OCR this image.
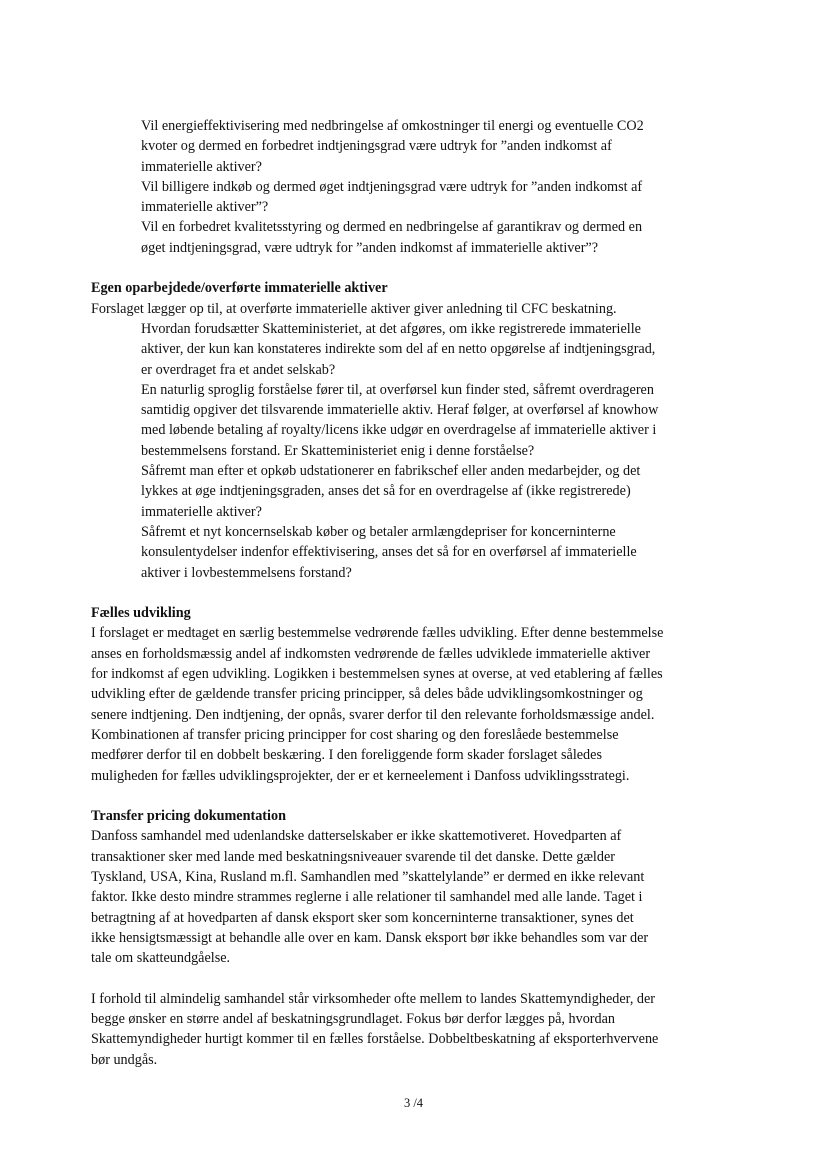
Vil energieffektivisering med nedbringelse af omkostninger til energi og eventuelle CO2
kvoter og dermed en forbedret indtjeningsgrad være udtryk for ”anden indkomst af
immaterielle aktiver?
Vil billigere indkøb og dermed øget indtjeningsgrad være udtryk for ”anden indkomst af
immaterielle aktiver”?
Vil en forbedret kvalitetsstyring og dermed en nedbringelse af garantikrav og dermed en
øget indtjeningsgrad, være udtryk for ”anden indkomst af immaterielle aktiver”?
Egen oparbejdede/overførte immaterielle aktiver
Forslaget lægger op til, at overførte immaterielle aktiver giver anledning til CFC beskatning.
Hvordan forudsætter Skatteministeriet, at det afgøres, om ikke registrerede immaterielle
aktiver, der kun kan konstateres indirekte som del af en netto opgørelse af indtjeningsgrad,
er overdraget fra et andet selskab?
En naturlig sproglig forståelse fører til, at overførsel kun finder sted, såfremt overdrageren
samtidig opgiver det tilsvarende immaterielle aktiv. Heraf følger, at overførsel af knowhow
med løbende betaling af royalty/licens ikke udgør en overdragelse af immaterielle aktiver i
bestemmelsens forstand. Er Skatteministeriet enig i denne forståelse?
Såfremt man efter et opkøb udstationerer en fabrikschef eller anden medarbejder, og det
lykkes at øge indtjeningsgraden, anses det så for en overdragelse af (ikke registrerede)
immaterielle aktiver?
Såfremt et nyt koncernselskab køber og betaler armlængdepriser for koncerninterne
konsulentydelser indenfor effektivisering, anses det så for en overførsel af immaterielle
aktiver i lovbestemmelsens forstand?
Fælles udvikling
I forslaget er medtaget en særlig bestemmelse vedrørende fælles udvikling. Efter denne bestemmelse
anses en forholdsmæssig andel af indkomsten vedrørende de fælles udviklede immaterielle aktiver
for indkomst af egen udvikling. Logikken i bestemmelsen synes at overse, at ved etablering af fælles
udvikling efter de gældende transfer pricing principper, så deles både udviklingsomkostninger og
senere indtjening. Den indtjening, der opnås, svarer derfor til den relevante forholdsmæssige andel.
Kombinationen af transfer pricing principper for cost sharing og den foreslåede bestemmelse
medfører derfor til en dobbelt beskæring. I den foreliggende form skader forslaget således
muligheden for fælles udviklingsprojekter, der er et kerneelement i Danfoss udviklingsstrategi.
Transfer pricing dokumentation
Danfoss samhandel med udenlandske datterselskaber er ikke skattemotiveret. Hovedparten af
transaktioner sker med lande med beskatningsniveauer svarende til det danske. Dette gælder
Tyskland, USA, Kina, Rusland m.fl. Samhandlen med ”skattelylande” er dermed en ikke relevant
faktor. Ikke desto mindre strammes reglerne i alle relationer til samhandel med alle lande. Taget i
betragtning af at hovedparten af dansk eksport sker som koncerninterne transaktioner, synes det
ikke hensigtsmæssigt at behandle alle over en kam. Dansk eksport bør ikke behandles som var der
tale om skatteundgåelse.
I forhold til almindelig samhandel står virksomheder ofte mellem to landes Skattemyndigheder, der
begge ønsker en større andel af beskatningsgrundlaget. Fokus bør derfor lægges på, hvordan
Skattemyndigheder hurtigt kommer til en fælles forståelse. Dobbeltbeskatning af eksporterhvervene
bør undgås.
3 /4
